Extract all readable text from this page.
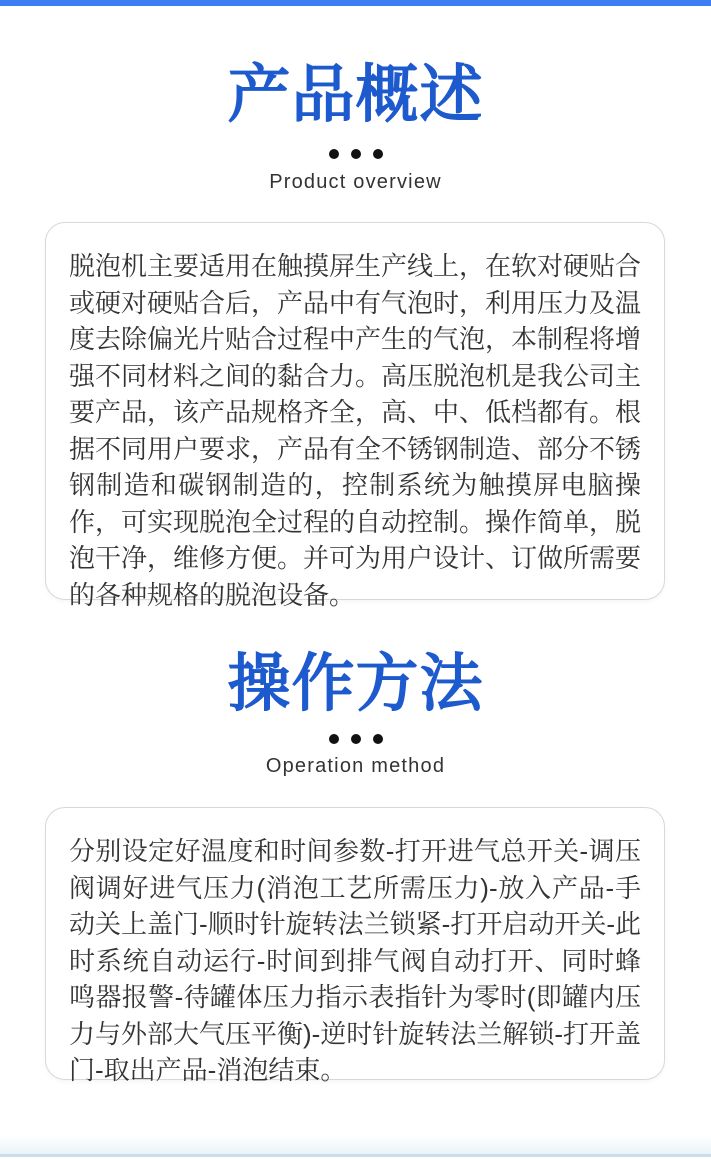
产品概述
Product overview

脱泡机主要适用在触摸屏生产线上，在软对硬贴合或硬对硬贴合后，产品中有气泡时，利用压力及温度去除偏光片贴合过程中产生的气泡，本制程将增强不同材料之间的黏合力。高压脱泡机是我公司主要产品，该产品规格齐全，高、中、低档都有。根据不同用户要求，产品有全不锈钢制造、部分不锈钢制造和碳钢制造的，控制系统为触摸屏电脑操作，可实现脱泡全过程的自动控制。操作简单，脱泡干净，维修方便。并可为用户设计、订做所需要的各种规格的脱泡设备。

操作方法
Operation method

分别设定好温度和时间参数-打开进气总开关-调压阀调好进气压力(消泡工艺所需压力)-放入产品-手动关上盖门-顺时针旋转法兰锁紧-打开启动开关-此时系统自动运行-时间到排气阀自动打开、同时蜂鸣器报警-待罐体压力指示表指针为零时(即罐内压力与外部大气压平衡)-逆时针旋转法兰解锁-打开盖门-取出产品-消泡结束。
